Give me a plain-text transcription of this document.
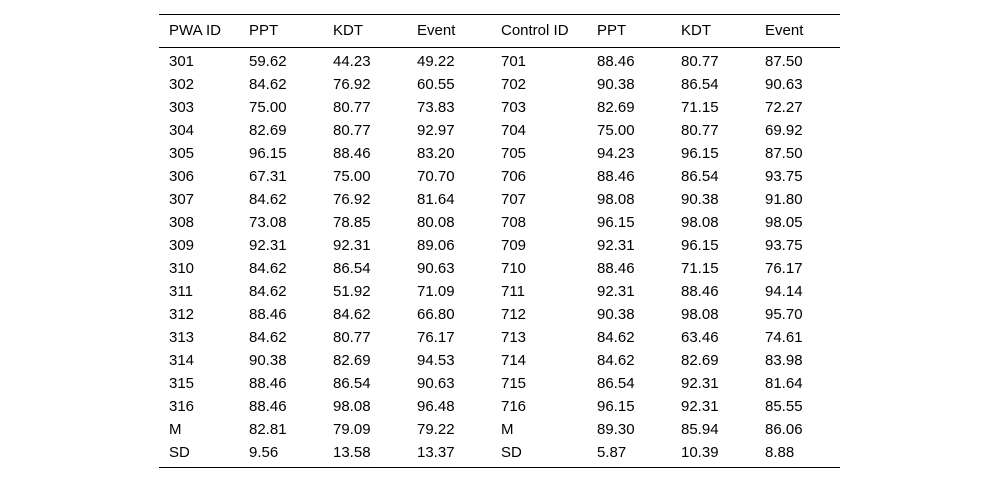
PWA ID	PPT	KDT	Event	Control ID	PPT	KDT	Event
301	59.62	44.23	49.22	701	88.46	80.77	87.50
302	84.62	76.92	60.55	702	90.38	86.54	90.63
303	75.00	80.77	73.83	703	82.69	71.15	72.27
304	82.69	80.77	92.97	704	75.00	80.77	69.92
305	96.15	88.46	83.20	705	94.23	96.15	87.50
306	67.31	75.00	70.70	706	88.46	86.54	93.75
307	84.62	76.92	81.64	707	98.08	90.38	91.80
308	73.08	78.85	80.08	708	96.15	98.08	98.05
309	92.31	92.31	89.06	709	92.31	96.15	93.75
310	84.62	86.54	90.63	710	88.46	71.15	76.17
311	84.62	51.92	71.09	711	92.31	88.46	94.14
312	88.46	84.62	66.80	712	90.38	98.08	95.70
313	84.62	80.77	76.17	713	84.62	63.46	74.61
314	90.38	82.69	94.53	714	84.62	82.69	83.98
315	88.46	86.54	90.63	715	86.54	92.31	81.64
316	88.46	98.08	96.48	716	96.15	92.31	85.55
M	82.81	79.09	79.22	M	89.30	85.94	86.06
SD	9.56	13.58	13.37	SD	5.87	10.39	8.88
